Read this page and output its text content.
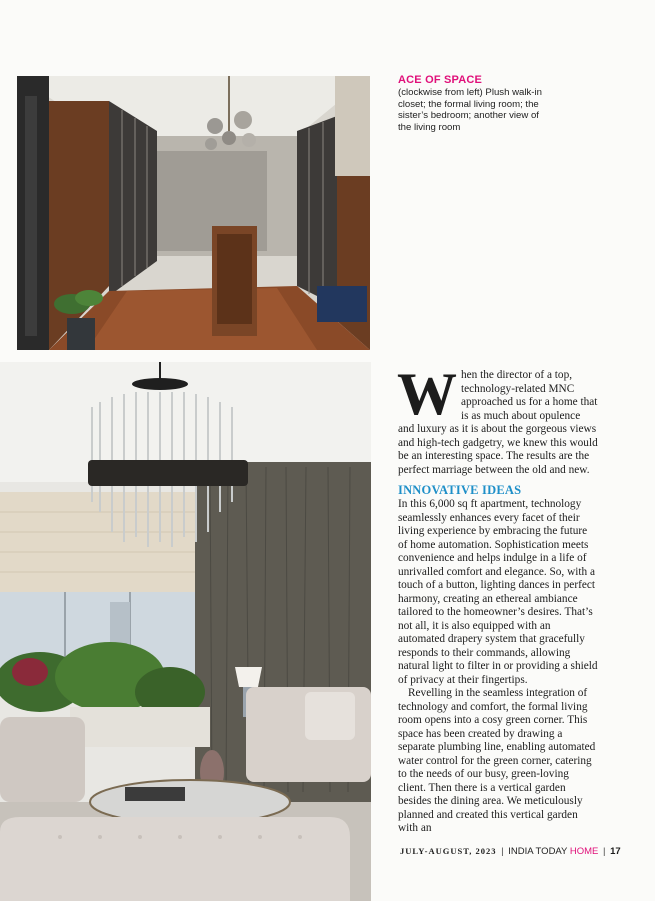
ACE OF SPACE
(clockwise from left) Plush walk-in closet; the formal living room; the sister’s bedroom; another view of the living room
W hen the director of a top, technology-related MNC approached us for a home that is as much about opulence and luxury as it is about the gorgeous views and high-tech gadgetry, we knew this would be an interesting space. The results are the perfect marriage between the old and new.

INNOVATIVE IDEAS

In this 6,000 sq ft apartment, technology seamlessly enhances every facet of their living experience by embracing the future of home automation. Sophistication meets convenience and helps indulge in a life of unrivalled comfort and elegance. So, with a touch of a button, lighting dances in perfect harmony, creating an ethereal ambiance tailored to the homeowner’s desires. That’s not all, it is also equipped with an automated drapery system that gracefully responds to their commands, allowing natural light to filter in or providing a shield of privacy at their fingertips.

Revelling in the seamless integration of technology and comfort, the formal living room opens into a cosy green corner. This space has been created by drawing a separate plumbing line, enabling automated water control for the green corner, catering to the needs of our busy, green-loving client. Then there is a vertical garden besides the dining area. We meticulously planned and created this vertical garden with an

JULY-AUGUST, 2023 | INDIA TODAY HOME | 17
